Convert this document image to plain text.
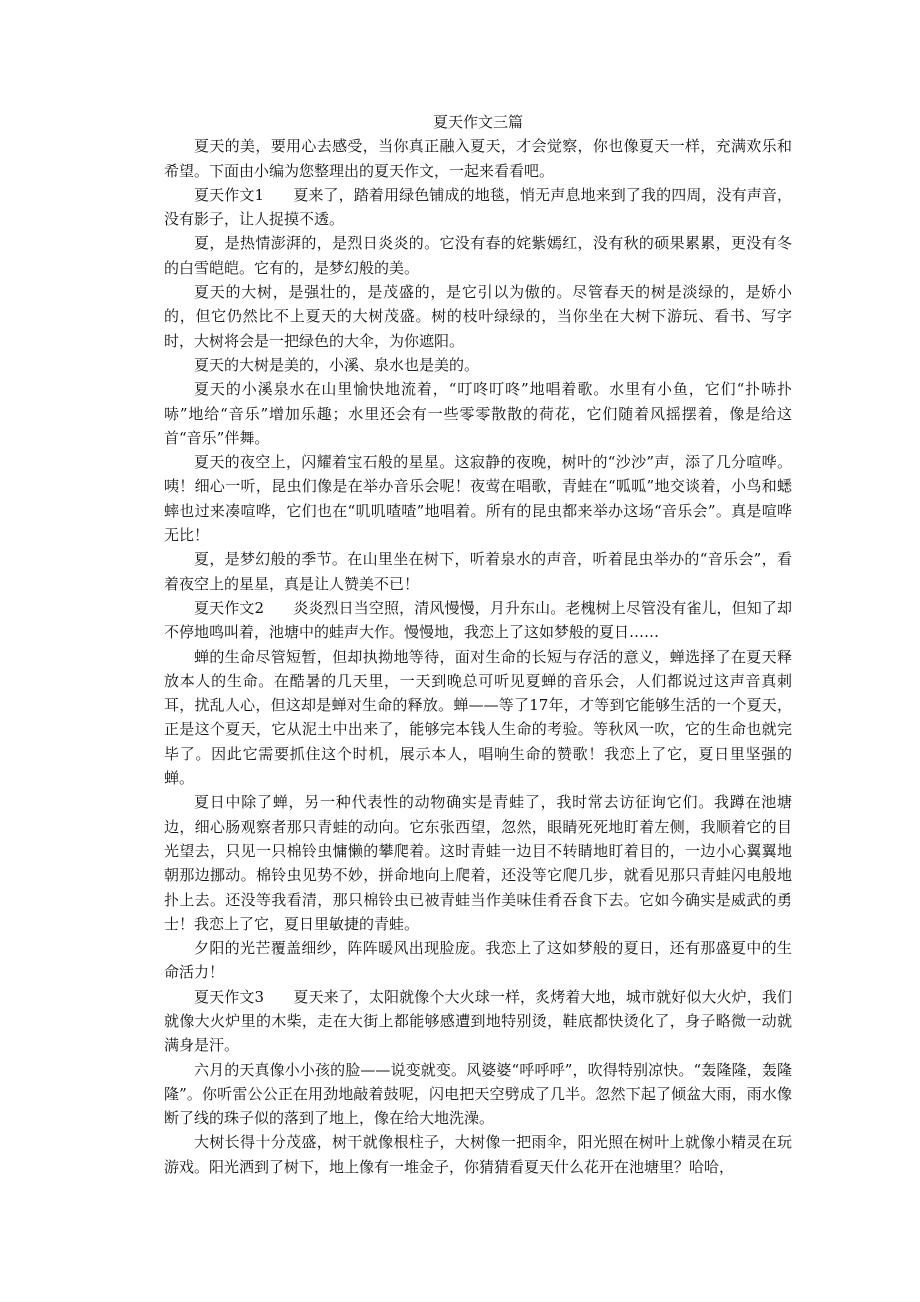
夏天作文三篇

夏天的美，要用心去感受，当你真正融入夏天，才会觉察，你也像夏天一样，充满欢乐和希望。下面由小编为您整理出的夏天作文，一起来看看吧。

夏天作文1 夏来了，踏着用绿色铺成的地毯，悄无声息地来到了我的四周，没有声音，没有影子，让人捉摸不透。

夏，是热情澎湃的，是烈日炎炎的。它没有春的姹紫嫣红，没有秋的硕果累累，更没有冬的白雪皑皑。它有的，是梦幻般的美。

夏天的大树，是强壮的，是茂盛的，是它引以为傲的。尽管春天的树是淡绿的，是娇小的，但它仍然比不上夏天的大树茂盛。树的枝叶绿绿的，当你坐在大树下游玩、看书、写字时，大树将会是一把绿色的大伞，为你遮阳。

夏天的大树是美的，小溪、泉水也是美的。

夏天的小溪泉水在山里愉快地流着，“叮咚叮咚”地唱着歌。水里有小鱼，它们“扑哧扑哧”地给“音乐”增加乐趣；水里还会有一些零零散散的荷花，它们随着风摇摆着，像是给这首“音乐”伴舞。

夏天的夜空上，闪耀着宝石般的星星。这寂静的夜晚，树叶的“沙沙”声，添了几分喧哗。咦！细心一听，昆虫们像是在举办音乐会呢！夜莺在唱歌，青蛙在“呱呱”地交谈着，小鸟和蟋蟀也过来凑喧哗，它们也在“叽叽喳喳”地唱着。所有的昆虫都来举办这场“音乐会”。真是喧哗无比！

夏，是梦幻般的季节。在山里坐在树下，听着泉水的声音，听着昆虫举办的“音乐会”，看着夜空上的星星，真是让人赞美不已！

夏天作文2 炎炎烈日当空照，清风慢慢，月升东山。老槐树上尽管没有雀儿，但知了却不停地鸣叫着，池塘中的蛙声大作。慢慢地，我恋上了这如梦般的夏日……

蝉的生命尽管短暂，但却执拗地等待，面对生命的长短与存活的意义，蝉选择了在夏天释放本人的生命。在酷暑的几天里，一天到晚总可听见夏蝉的音乐会，人们都说过这声音真刺耳，扰乱人心，但这却是蝉对生命的释放。蝉——等了17年，才等到它能够生活的一个夏天，正是这个夏天，它从泥土中出来了，能够完本钱人生命的考验。等秋风一吹，它的生命也就完毕了。因此它需要抓住这个时机，展示本人，唱响生命的赞歌！我恋上了它，夏日里坚强的蝉。

夏日中除了蝉，另一种代表性的动物确实是青蛙了，我时常去访征询它们。我蹲在池塘边，细心肠观察者那只青蛙的动向。它东张西望，忽然，眼睛死死地盯着左侧，我顺着它的目光望去，只见一只棉铃虫慵懒的攀爬着。这时青蛙一边目不转睛地盯着目的，一边小心翼翼地朝那边挪动。棉铃虫见势不妙，拼命地向上爬着，还没等它爬几步，就看见那只青蛙闪电般地扑上去。还没等我看清，那只棉铃虫已被青蛙当作美味佳肴吞食下去。它如今确实是威武的勇士！我恋上了它，夏日里敏捷的青蛙。

夕阳的光芒覆盖细纱，阵阵暖风出现脸庞。我恋上了这如梦般的夏日，还有那盛夏中的生命活力！

夏天作文3 夏天来了，太阳就像个大火球一样，炙烤着大地，城市就好似大火炉，我们就像大火炉里的木柴，走在大街上都能够感遭到地特别烫，鞋底都快烫化了，身子略微一动就满身是汗。

六月的天真像小小孩的脸——说变就变。风婆婆“呼呼呼”，吹得特别凉快。“轰隆隆，轰隆隆”。你听雷公公正在用劲地敲着鼓呢，闪电把天空劈成了几半。忽然下起了倾盆大雨，雨水像断了线的珠子似的落到了地上，像在给大地洗澡。

大树长得十分茂盛，树干就像根柱子，大树像一把雨伞，阳光照在树叶上就像小精灵在玩游戏。阳光洒到了树下，地上像有一堆金子，你猜猜看夏天什么花开在池塘里？哈哈，
